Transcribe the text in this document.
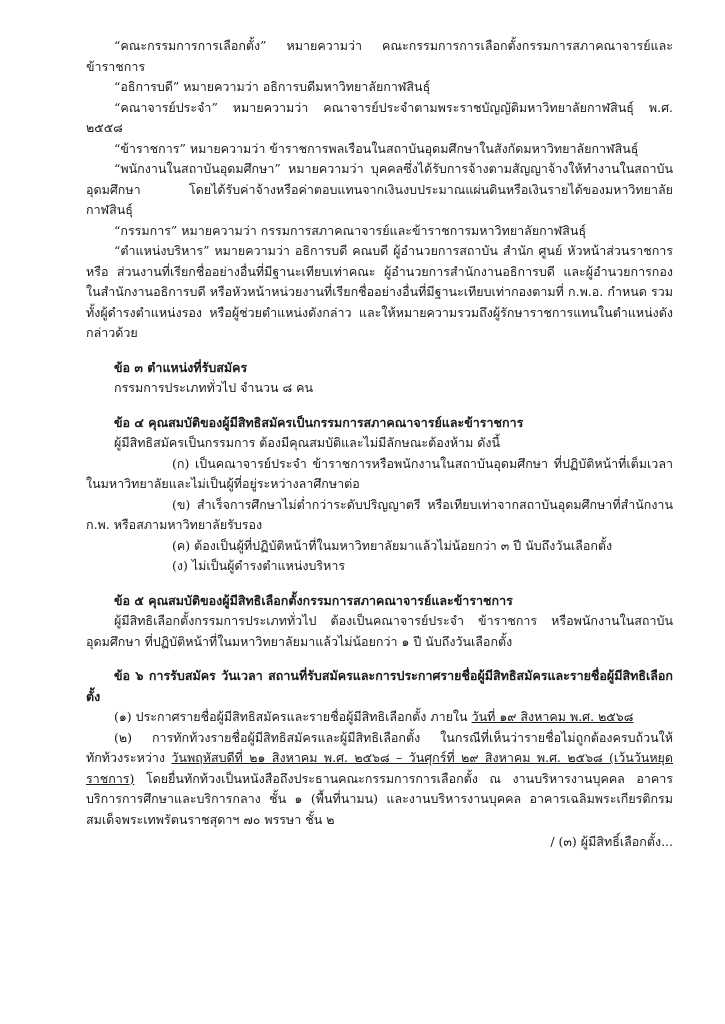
“คณะกรรมการการเลือกตั้ง” หมายความว่า คณะกรรมการการเลือกตั้งกรรมการสภาคณาจารย์และข้าราชการ

“อธิการบดี” หมายความว่า อธิการบดีมหาวิทยาลัยกาฬสินธุ์

“คณาจารย์ประจำ” หมายความว่า คณาจารย์ประจำตามพระราชบัญญัติมหาวิทยาลัยกาฬสินธุ์ พ.ศ. ๒๕๕๘

“ข้าราชการ” หมายความว่า ข้าราชการพลเรือนในสถาบันอุดมศึกษาในสังกัดมหาวิทยาลัยกาฬสินธุ์

“พนักงานในสถาบันอุดมศึกษา” หมายความว่า บุคคลซึ่งได้รับการจ้างตามสัญญาจ้างให้ทำงานในสถาบันอุดมศึกษา โดยได้รับค่าจ้างหรือค่าตอบแทนจากเงินงบประมาณแผ่นดินหรือเงินรายได้ของมหาวิทยาลัยกาฬสินธุ์

“กรรมการ” หมายความว่า กรรมการสภาคณาจารย์และข้าราชการมหาวิทยาลัยกาฬสินธุ์

“ตำแหน่งบริหาร” หมายความว่า อธิการบดี คณบดี ผู้อำนวยการสถาบัน สำนัก ศูนย์ หัวหน้าส่วนราชการ หรือ ส่วนงานที่เรียกชื่ออย่างอื่นที่มีฐานะเทียบเท่าคณะ ผู้อำนวยการสำนักงานอธิการบดี และผู้อำนวยการกองในสำนักงานอธิการบดี หรือหัวหน้าหน่วยงานที่เรียกชื่ออย่างอื่นที่มีฐานะเทียบเท่ากองตามที่ ก.พ.อ. กำหนด รวมทั้งผู้ดำรงตำแหน่งรอง หรือผู้ช่วยตำแหน่งดังกล่าว และให้หมายความรวมถึงผู้รักษาราชการแทนในตำแหน่งดังกล่าวด้วย

ข้อ ๓ ตำแหน่งที่รับสมัคร

กรรมการประเภททั่วไป จำนวน ๘ คน

ข้อ ๔ คุณสมบัติของผู้มีสิทธิสมัครเป็นกรรมการสภาคณาจารย์และข้าราชการ

ผู้มีสิทธิสมัครเป็นกรรมการ ต้องมีคุณสมบัติและไม่มีลักษณะต้องห้าม ดังนี้

(ก) เป็นคณาจารย์ประจำ ข้าราชการหรือพนักงานในสถาบันอุดมศึกษา ที่ปฏิบัติหน้าที่เต็มเวลาในมหาวิทยาลัยและไม่เป็นผู้ที่อยู่ระหว่างลาศึกษาต่อ

(ข) สำเร็จการศึกษาไม่ต่ำกว่าระดับปริญญาตรี หรือเทียบเท่าจากสถาบันอุดมศึกษาที่สำนักงาน ก.พ. หรือสภามหาวิทยาลัยรับรอง

(ค) ต้องเป็นผู้ที่ปฏิบัติหน้าที่ในมหาวิทยาลัยมาแล้วไม่น้อยกว่า ๓ ปี นับถึงวันเลือกตั้ง

(ง) ไม่เป็นผู้ดำรงตำแหน่งบริหาร

ข้อ ๕ คุณสมบัติของผู้มีสิทธิเลือกตั้งกรรมการสภาคณาจารย์และข้าราชการ

ผู้มีสิทธิเลือกตั้งกรรมการประเภททั่วไป ต้องเป็นคณาจารย์ประจำ ข้าราชการ หรือพนักงานในสถาบันอุดมศึกษา ที่ปฏิบัติหน้าที่ในมหาวิทยาลัยมาแล้วไม่น้อยกว่า ๑ ปี นับถึงวันเลือกตั้ง

ข้อ ๖ การรับสมัคร วันเวลา สถานที่รับสมัครและการประกาศรายชื่อผู้มีสิทธิสมัครและรายชื่อผู้มีสิทธิเลือกตั้ง

(๑) ประกาศรายชื่อผู้มีสิทธิสมัครและรายชื่อผู้มีสิทธิเลือกตั้ง ภายใน วันที่ ๑๙ สิงหาคม พ.ศ. ๒๕๖๘

(๒) การทักท้วงรายชื่อผู้มีสิทธิสมัครและผู้มีสิทธิเลือกตั้ง ในกรณีที่เห็นว่ารายชื่อไม่ถูกต้องครบถ้วนให้ทักท้วงระหว่าง วันพฤหัสบดีที่ ๒๑ สิงหาคม พ.ศ. ๒๕๖๘ – วันศุกร์ที่ ๒๙ สิงหาคม พ.ศ. ๒๕๖๘ (เว้นวันหยุดราชการ) โดยยื่นทักท้วงเป็นหนังสือถึงประธานคณะกรรมการการเลือกตั้ง ณ งานบริหารงานบุคคล อาคารบริการการศึกษาและบริการกลาง ชั้น ๑ (พื้นที่นามน) และงานบริหารงานบุคคล อาคารเฉลิมพระเกียรติกรมสมเด็จพระเทพรัตนราชสุดาฯ ๗๐ พรรษา ชั้น ๒

/ (๓) ผู้มีสิทธิ์เลือกตั้ง...
